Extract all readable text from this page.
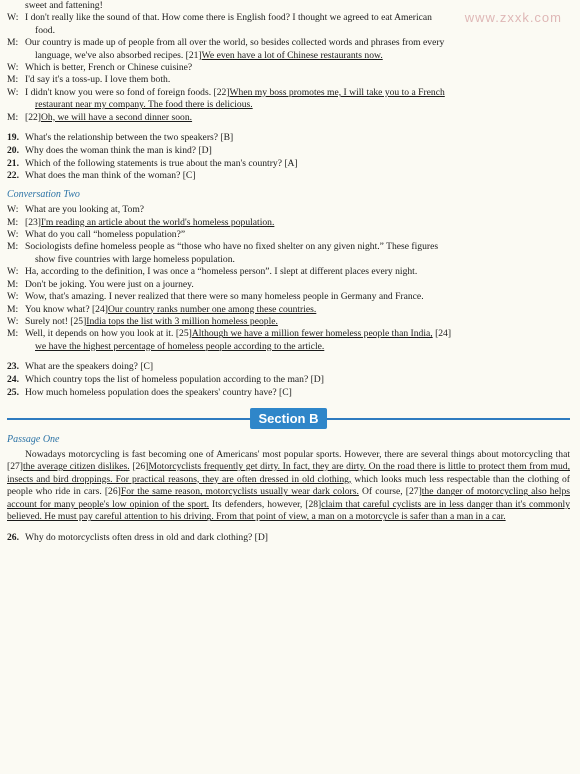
www.zxxk.com
sweet and fattening!
W: I don't really like the sound of that. How come there is English food? I thought we agreed to eat American
food.
M: Our country is made up of people from all over the world, so besides collected words and phrases from every
language, we've also absorbed recipes. [21]We even have a lot of Chinese restaurants now.
W: Which is better, French or Chinese cuisine?
M: I'd say it's a toss-up. I love them both.
W: I didn't know you were so fond of foreign foods. [22]When my boss promotes me, I will take you to a French
restaurant near my company. The food there is delicious.
M: [22]Oh, we will have a second dinner soon.
19. What's the relationship between the two speakers? [B]
20. Why does the woman think the man is kind? [D]
21. Which of the following statements is true about the man's country? [A]
22. What does the man think of the woman? [C]
Conversation Two
W: What are you looking at, Tom?
M: [23]I'm reading an article about the world's homeless population.
W: What do you call “homeless population?”
M: Sociologists define homeless people as “those who have no fixed shelter on any given night.” These figures
show five countries with large homeless population.
W: Ha, according to the definition, I was once a “homeless person”. I slept at different places every night.
M: Don't be joking. You were just on a journey.
W: Wow, that's amazing. I never realized that there were so many homeless people in Germany and France.
M: You know what? [24]Our country ranks number one among these countries.
W: Surely not! [25]India tops the list with 3 million homeless people.
M: Well, it depends on how you look at it. [25]Although we have a million fewer homeless people than India, [24]
we have the highest percentage of homeless people according to the article.
23. What are the speakers doing? [C]
24. Which country tops the list of homeless population according to the man? [D]
25. How much homeless population does the speakers' country have? [C]
Section B
Passage One

Nowadays motorcycling is fast becoming one of Americans' most popular sports. However, there are several things about motorcycling that [27]the average citizen dislikes. [26]Motorcyclists frequently get dirty. In fact, they are dirty. On the road there is little to protect them from mud, insects and bird droppings. For practical reasons, they are often dressed in old clothing, which looks much less respectable than the clothing of people who ride in cars. [26]For the same reason, motorcyclists usually wear dark colors. Of course, [27]the danger of motorcycling also helps account for many people's low opinion of the sport. Its defenders, however, [28]claim that careful cyclists are in less danger than it's commonly believed. He must pay careful attention to his driving. From that point of view, a man on a motorcycle is safer than a man in a car.

26. Why do motorcyclists often dress in old and dark clothing? [D]
